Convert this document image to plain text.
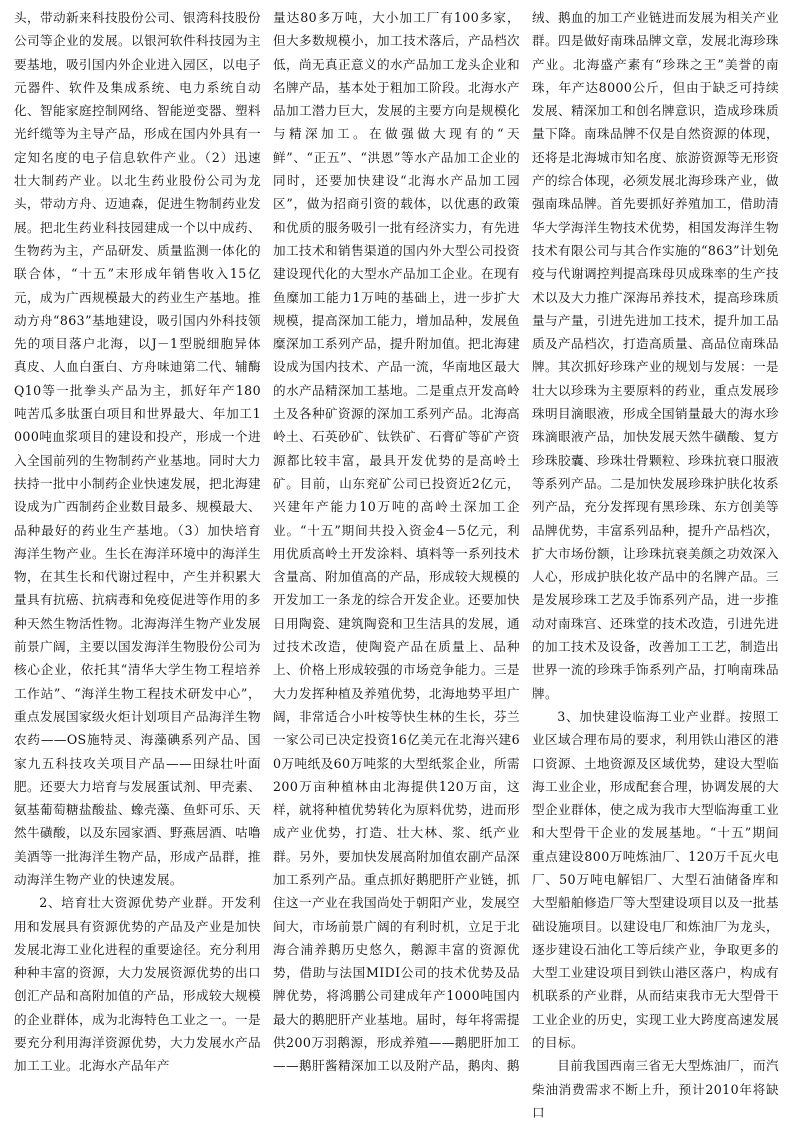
头，带动新来科技股份公司、银湾科技股份公司等企业的发展。以银河软件科技园为主要基地，吸引国内外企业进入园区，以电子元器件、软件及集成系统、电力系统自动化、智能家庭控制网络、智能逆变器、塑料光纤缆等为主导产品，形成在国内外具有一定知名度的电子信息软件产业。（2）迅速壮大制药产业。以北生药业股份公司为龙头，带动方舟、迈迪森，促进生物制药业发展。把北生药业科技园建成一个以中成药、生物药为主，产品研发、质量监测一体化的联合体，“十五”末形成年销售收入15亿元，成为广西规模最大的药业生产基地。推动方舟“863”基地建设，吸引国内外科技领先的项目落户北海，以J－1型脱细胞异体真皮、人血白蛋白、方舟味迪第二代、辅酶Q10等一批拳头产品为主，抓好年产180吨苦瓜多肽蛋白项目和世界最大、年加工1000吨血浆项目的建设和投产，形成一个进入全国前列的生物制药产业基地。同时大力扶持一批中小制药企业快速发展，把北海建设成为广西制药企业数目最多、规模最大、品种最好的药业生产基地。（3）加快培育海洋生物产业。生长在海洋环境中的海洋生物，在其生长和代谢过程中，产生并积累大量具有抗癌、抗病毒和免疫促进等作用的多种天然生物活性物。北海海洋生物产业发展前景广阔，主要以国发海洋生物股份公司为核心企业，依托其“清华大学生物工程培养工作站”、“海洋生物工程技术研发中心”，重点发展国家级火炬计划项目产品海洋生物农药——OS施特灵、海藻碘系列产品、国家九五科技攻关项目产品——田绿壮叶面肥。还要大力培育与发展蛋试剂、甲壳素、氨基葡萄糖盐酸盐、蟓壳藻、鱼虾可乐、天然牛磺酸，以及东园家酒、野燕居酒、咕噜美酒等一批海洋生物产品，形成产品群，推动海洋生物产业的快速发展。

2、培育壮大资源优势产业群。开发利用和发展具有资源优势的产品及产业是加快发展北海工业化进程的重要途径。充分利用种种丰富的资源，大力发展资源优势的出口创汇产品和高附加值的产品，形成较大规模的企业群体，成为北海特色工业之一。一是要充分利用海洋资源优势，大力发展水产品加工工业。北海水产品年产

量达80多万吨，大小加工厂有100多家，但大多数规模小，加工技术落后，产品档次低，尚无真正意义的水产品加工龙头企业和名牌产品，基本处于粗加工阶段。北海水产品加工潜力巨大，发展的主要方向是规模化与精深加工。在做强做大现有的“天鲜”、“正五”、“洪恩”等水产品加工企业的同时，还要加快建设“北海水产品加工园区”，做为招商引资的载体，以优惠的政策和优质的服务吸引一批有经济实力，有先进加工技术和销售渠道的国内外大型公司投资建设现代化的大型水产品加工企业。在现有鱼糜加工能力1万吨的基础上，进一步扩大规模，提高深加工能力，增加品种，发展鱼糜深加工系列产品，提升附加值。把北海建设成为国内技术、产品一流，华南地区最大的水产品精深加工基地。二是重点开发高岭土及各种矿资源的深加工系列产品。北海高岭土、石英砂矿、钛铁矿、石膏矿等矿产资源都比较丰富，最具开发优势的是高岭土矿。目前，山东兖矿公司已投资近2亿元，兴建年产能力10万吨的高岭土深加工企业。“十五”期间共投入资金4－5亿元，利用优质高岭土开发涂料、填料等一系列技术含量高、附加值高的产品，形成较大规模的开发加工一条龙的综合开发企业。还要加快日用陶瓷、建筑陶瓷和卫生洁具的发展，通过技术改造，使陶瓷产品在质量上、品种上、价格上形成较强的市场竞争能力。三是大力发挥种植及养殖优势，北海地势平坦广阔，非常适合小叶桉等快生林的生长，芬兰一家公司已决定投资16亿美元在北海兴建60万吨纸及60万吨浆的大型纸浆企业，所需200万亩种植林由北海提供120万亩，这样，就将种植优势转化为原料优势，进而形成产业优势，打造、壮大林、浆、纸产业群。另外，要加快发展高附加值农副产品深加工系列产品。重点抓好鹅肥肝产业链，抓住这一产业在我国尚处于朝阳产业，发展空间大，市场前景广阔的有利时机，立足于北海合浦养鹅历史悠久，鹅源丰富的资源优势，借助与法国MIDI公司的技术优势及品牌优势，将鸿鹏公司建成年产1000吨国内最大的鹅肥肝产业基地。届时，每年将需提供200万羽鹅源，形成养殖——鹅肥肝加工——鹅肝酱精深加工以及附产品，鹅肉、鹅

绒、鹅血的加工产业链进而发展为相关产业群。四是做好南珠品牌文章，发展北海珍珠产业。北海盛产素有“珍珠之王”美誉的南珠，年产达8000公斤，但由于缺乏可持续发展、精深加工和创名牌意识，造成珍珠质量下降。南珠品牌不仅是自然资源的体现，还将是北海城市知名度、旅游资源等无形资产的综合体现，必须发展北海珍珠产业，做强南珠品牌。首先要抓好养殖加工，借助清华大学海洋生物技术优势，相国发海洋生物技术有限公司与其合作实施的“863”计划免疫与代谢调控判提高珠母贝成珠率的生产技术以及大力推广深海吊养技术，提高珍珠质量与产量，引进先进加工技术，提升加工品质及产品档次，打造高质量、高品位南珠品牌。其次抓好珍珠产业的规划与发展：一是壮大以珍珠为主要原料的药业，重点发展珍珠明目滴眼液，形成全国销量最大的海水珍珠滴眼液产品，加快发展天然牛磺酸、复方珍珠胶囊、珍珠壮骨颗粒、珍珠抗衰口服液等系列产品。二是加快发展珍珠护肤化妆系列产品，充分发挥现有黑珍珠、东方创美等品牌优势，丰富系列品种，提升产品档次，扩大市场份额，让珍珠抗衰美颜之功效深入人心，形成护肤化妆产品中的名牌产品。三是发展珍珠工艺及手饰系列产品，进一步推动对南珠宫、还珠堂的技术改造，引进先进的加工技术及设备，改善加工工艺，制造出世界一流的珍珠手饰系列产品，打响南珠品牌。

3、加快建设临海工业产业群。按照工业区域合理布局的要求，利用铁山港区的港口资源、土地资源及区域优势，建设大型临海工业企业，形成配套合理，协调发展的大型企业群体，使之成为我市大型临海重工业和大型骨干企业的发展基地。“十五”期间重点建设800万吨炼油厂、120万千瓦火电厂、50万吨电解铝厂、大型石油储备库和大型船舶修造厂等大型建设项目以及一批基础设施项目。以建设电厂和炼油厂为龙头，逐步建设石油化工等后续产业，争取更多的大型工业建设项目到铁山港区落户，构成有机联系的产业群，从而结束我市无大型骨干工业企业的历史，实现工业大跨度高速发展的目标。

目前我国西南三省无大型炼油厂，而汽柴油消费需求不断上升，预计2010年将缺口
